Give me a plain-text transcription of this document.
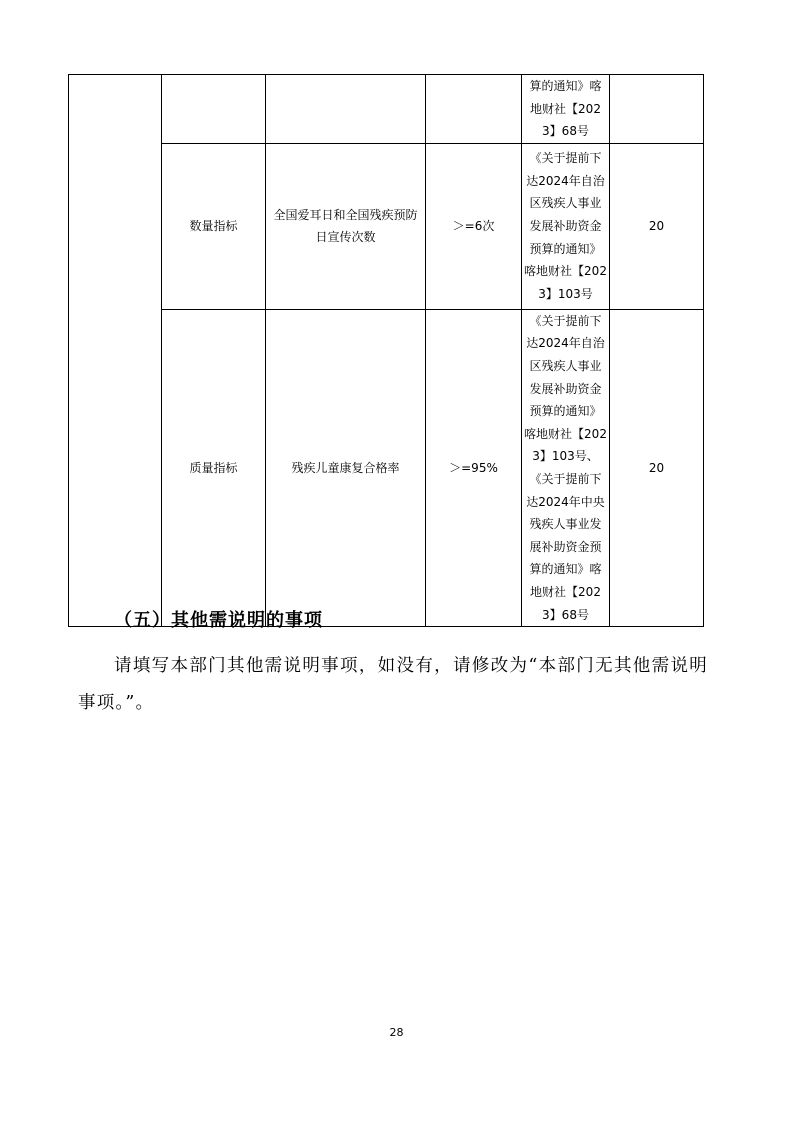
				算的通知》喀地财社【2023】68号	
	数量指标	全国爱耳日和全国残疾预防日宣传次数	＞=6次	《关于提前下达2024年自治区残疾人事业发展补助资金预算的通知》喀地财社【2023】103号	20
	质量指标	残疾儿童康复合格率	＞=95%	《关于提前下达2024年自治区残疾人事业发展补助资金预算的通知》喀地财社【2023】103号、《关于提前下达2024年中央残疾人事业发展补助资金预算的通知》喀地财社【2023】68号	20
（五）其他需说明的事项
请填写本部门其他需说明事项，如没有，请修改为“本部门无其他需说明事项。”。
28
